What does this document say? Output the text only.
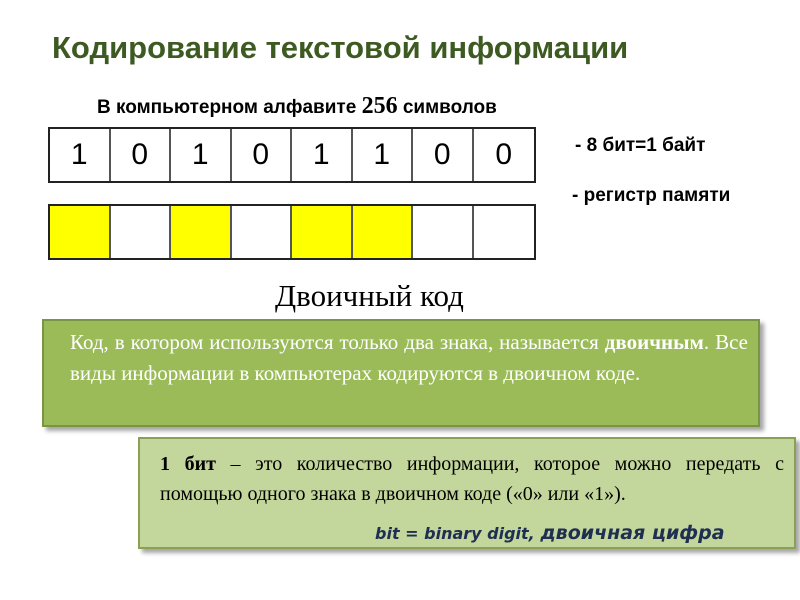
Кодирование текстовой информации
В компьютерном алфавите 256 символов
1	0	1	0	1	1	0	0	- 8 бит=1 байт
- регистр памяти
Двоичный код
Код, в котором используются только два знака, называется двоичным. Все виды информации в компьютерах кодируются в двоичном коде.
1 бит – это количество информации, которое можно передать с помощью одного знака в двоичном коде («0» или «1»).
bit = binary digit, двоичная цифра
